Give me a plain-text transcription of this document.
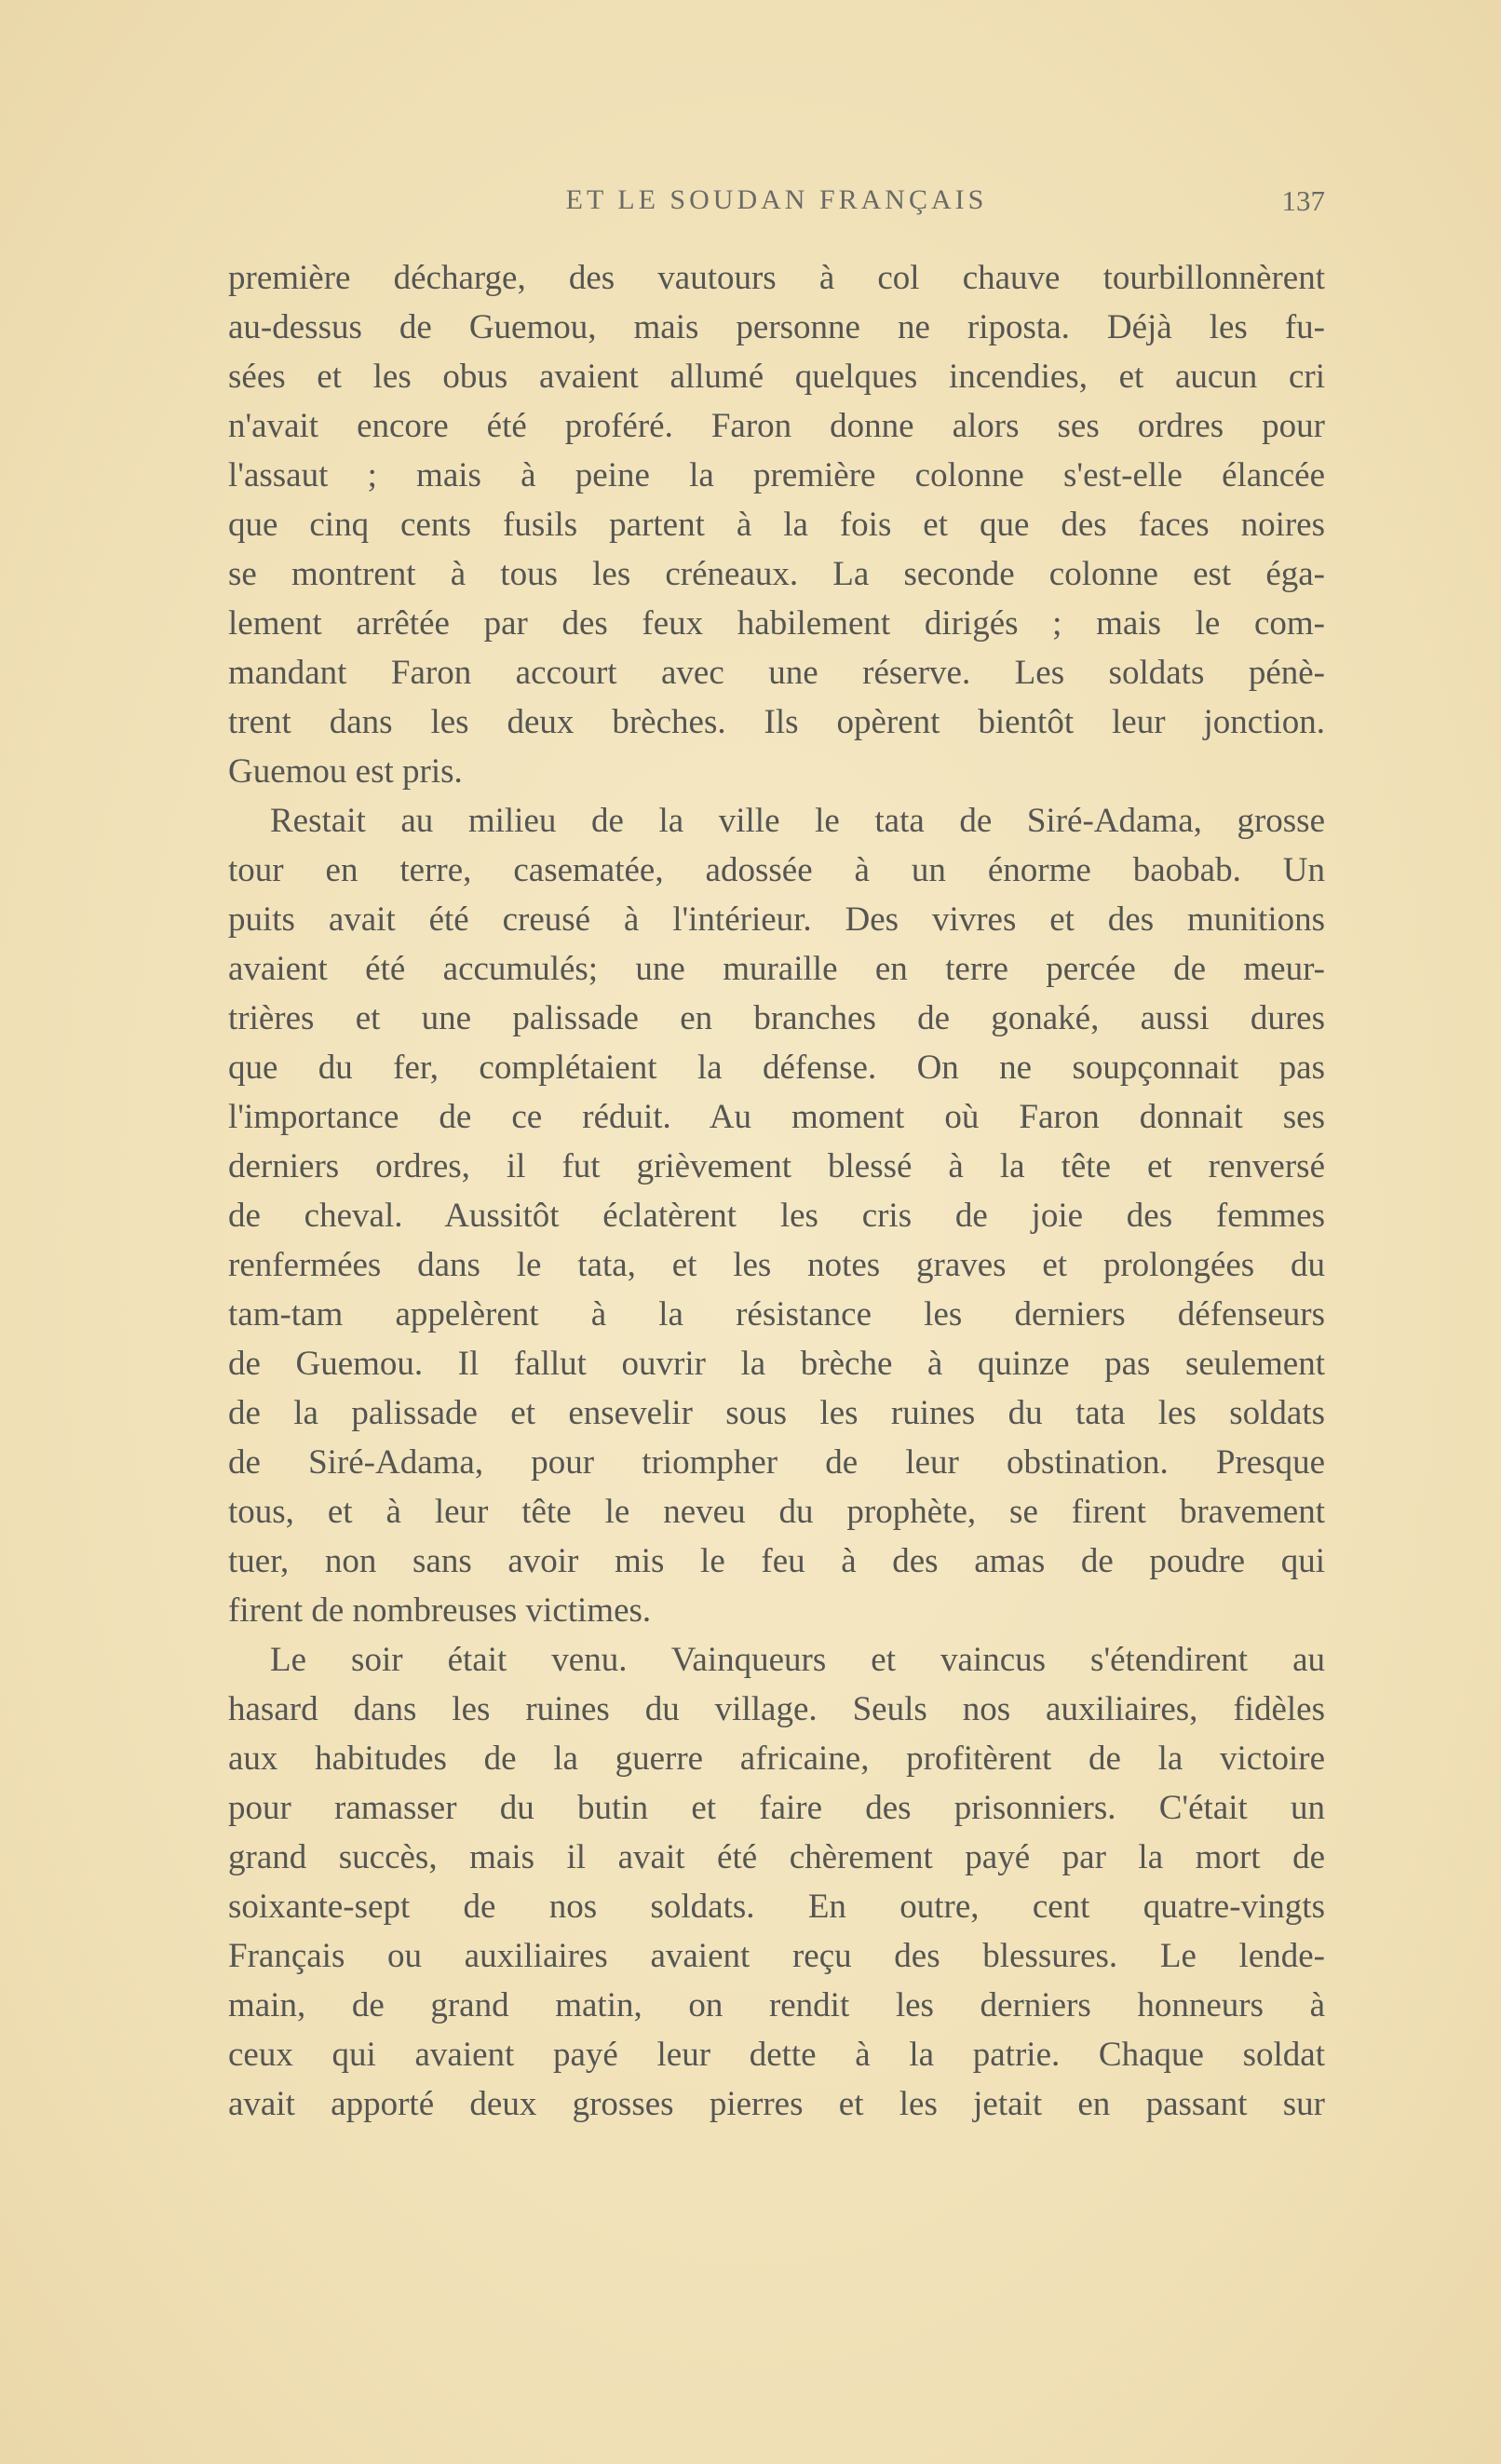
ET LE SOUDAN FRANÇAIS	137
première décharge, des vautours à col chauve tourbillonnèrent
au-dessus de Guemou, mais personne ne riposta. Déjà les fu-
sées et les obus avaient allumé quelques incendies, et aucun cri
n'avait encore été proféré. Faron donne alors ses ordres pour
l'assaut ; mais à peine la première colonne s'est-elle élancée
que cinq cents fusils partent à la fois et que des faces noires
se montrent à tous les créneaux. La seconde colonne est éga-
lement arrêtée par des feux habilement dirigés ; mais le com-
mandant Faron accourt avec une réserve. Les soldats pénè-
trent dans les deux brèches. Ils opèrent bientôt leur jonction.
Guemou est pris.
Restait au milieu de la ville le tata de Siré-Adama, grosse
tour en terre, casematée, adossée à un énorme baobab. Un
puits avait été creusé à l'intérieur. Des vivres et des munitions
avaient été accumulés; une muraille en terre percée de meur-
trières et une palissade en branches de gonaké, aussi dures
que du fer, complétaient la défense. On ne soupçonnait pas
l'importance de ce réduit. Au moment où Faron donnait ses
derniers ordres, il fut grièvement blessé à la tête et renversé
de cheval. Aussitôt éclatèrent les cris de joie des femmes
renfermées dans le tata, et les notes graves et prolongées du
tam-tam appelèrent à la résistance les derniers défenseurs
de Guemou. Il fallut ouvrir la brèche à quinze pas seulement
de la palissade et ensevelir sous les ruines du tata les soldats
de Siré-Adama, pour triompher de leur obstination. Presque
tous, et à leur tête le neveu du prophète, se firent bravement
tuer, non sans avoir mis le feu à des amas de poudre qui
firent de nombreuses victimes.
Le soir était venu. Vainqueurs et vaincus s'étendirent au
hasard dans les ruines du village. Seuls nos auxiliaires, fidèles
aux habitudes de la guerre africaine, profitèrent de la victoire
pour ramasser du butin et faire des prisonniers. C'était un
grand succès, mais il avait été chèrement payé par la mort de
soixante-sept de nos soldats. En outre, cent quatre-vingts
Français ou auxiliaires avaient reçu des blessures. Le lende-
main, de grand matin, on rendit les derniers honneurs à
ceux qui avaient payé leur dette à la patrie. Chaque soldat
avait apporté deux grosses pierres et les jetait en passant sur
